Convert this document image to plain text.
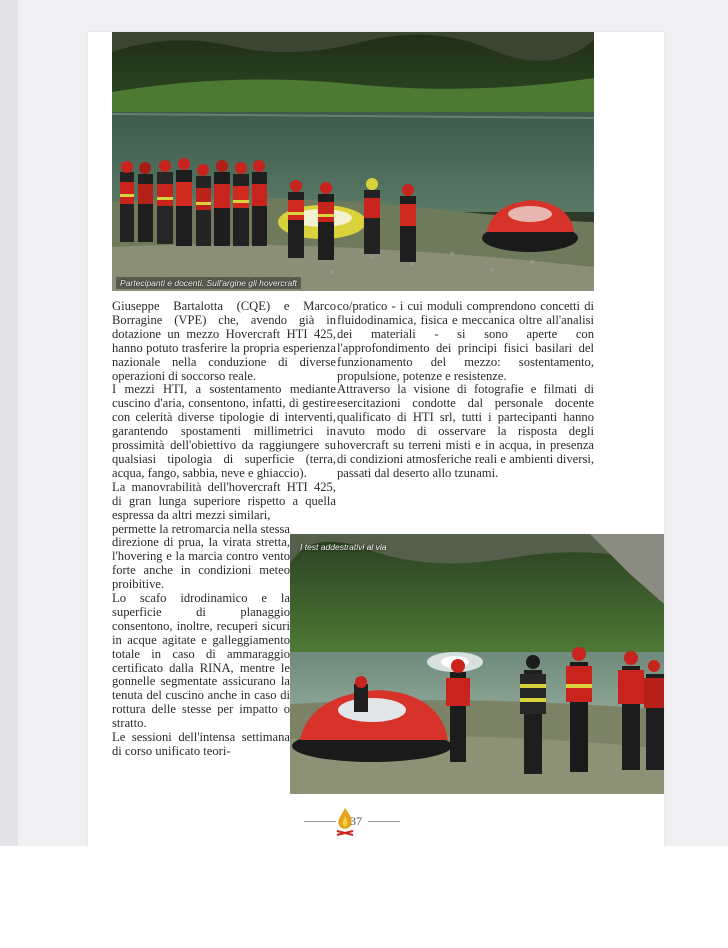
Partecipanti e docenti. Sull'argine gli hovercraft

Giuseppe Bartalotta (CQE) e Marco Borragine (VPE) che, avendo già in dotazione un mezzo Hovercraft HTI 425, hanno potuto trasferire la propria esperienza nazionale nella conduzione di diverse operazioni di soccorso reale.

I mezzi HTI, a sostentamento mediante cuscino d'aria, consentono, infatti, di gestire con celerità diverse tipologie di interventi, garantendo spostamenti millimetrici in prossimità dell'obiettivo da raggiungere su qualsiasi tipologia di superficie (terra, acqua, fango, sabbia, neve e ghiaccio).

La manovrabilità dell'hovercraft HTI 425, di gran lunga superiore rispetto a quella espressa da altri mezzi similari,

permette la retromarcia nella stessa direzione di prua, la virata stretta, l'hovering e la marcia contro vento forte anche in condizioni meteo proibitive.

Lo scafo idrodinamico e la superficie di planaggio consentono, inoltre, recuperi sicuri in acque agitate e galleggiamento totale in caso di ammaraggio certificato dalla RINA, mentre le gonnelle segmentate assicurano la tenuta del cuscino anche in caso di rottura delle stesse per impatto o stratto.

Le sessioni dell'intensa settimana di corso unificato teori-

co/pratico - i cui moduli comprendono concetti di fluidodinamica, fisica e meccanica oltre all'analisi dei materiali - si sono aperte con l'approfondimento dei principi fisici basilari del funzionamento del mezzo: sostentamento, propulsione, potenze e resistenze.

Attraverso la visione di fotografie e filmati di esercitazioni condotte dal personale docente qualificato di HTI srl, tutti i partecipanti hanno avuto modo di osservare la risposta degli hovercraft su terreni misti e in acqua, in presenza di condizioni atmosferiche reali e ambienti diversi, passati dal deserto allo tzunami.

I test addestrativi al via
37
